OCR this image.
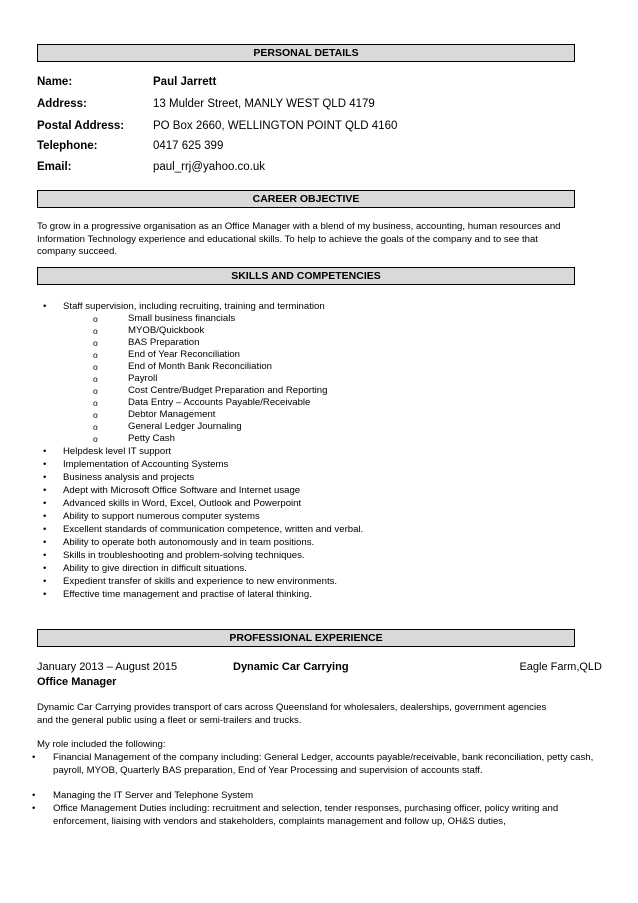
PERSONAL DETAILS
Name:	Paul Jarrett
Address:	13 Mulder Street, MANLY WEST QLD 4179
Postal Address:	PO Box 2660, WELLINGTON POINT QLD 4160
Telephone:	0417 625 399
Email:	paul_rrj@yahoo.co.uk
CAREER OBJECTIVE
To grow in a progressive organisation as an Office Manager with a blend of my business, accounting, human resources and Information Technology experience and educational skills. To help to achieve the goals of the company and to see that company succeed.
SKILLS AND COMPETENCIES
• Staff supervision, including recruiting, training and termination
o	Small business financials
o	MYOB/Quickbook
o	BAS Preparation
o	End of Year Reconciliation
o	End of Month Bank Reconciliation
o	Payroll
o	Cost Centre/Budget Preparation and Reporting
o	Data Entry – Accounts Payable/Receivable
o	Debtor Management
o	General Ledger Journaling
o	Petty Cash
• Helpdesk level IT support
• Implementation of Accounting Systems
• Business analysis and projects
• Adept with Microsoft Office Software and Internet usage
• Advanced skills in Word, Excel, Outlook and Powerpoint
• Ability to support numerous computer systems
• Excellent standards of communication competence, written and verbal.
• Ability to operate both autonomously and in team positions.
• Skills in troubleshooting and problem-solving techniques.
• Ability to give direction in difficult situations.
• Expedient transfer of skills and experience to new environments.
• Effective time management and practise of lateral thinking.
PROFESSIONAL EXPERIENCE
January 2013 – August 2015	Dynamic Car Carrying	Eagle Farm,QLD
Office Manager
Dynamic Car Carrying provides transport of cars across Queensland for wholesalers, dealerships, government agencies and the general public using a fleet or semi-trailers and trucks.
My role included the following:
• Financial Management of the company including: General Ledger, accounts payable/receivable, bank reconciliation, petty cash, payroll, MYOB, Quarterly BAS preparation, End of Year Processing and supervision of accounts staff.
• Managing the IT Server and Telephone System
• Office Management Duties including: recruitment and selection, tender responses, purchasing officer, policy writing and enforcement, liaising with vendors and stakeholders, complaints management and follow up, OH&S duties,
